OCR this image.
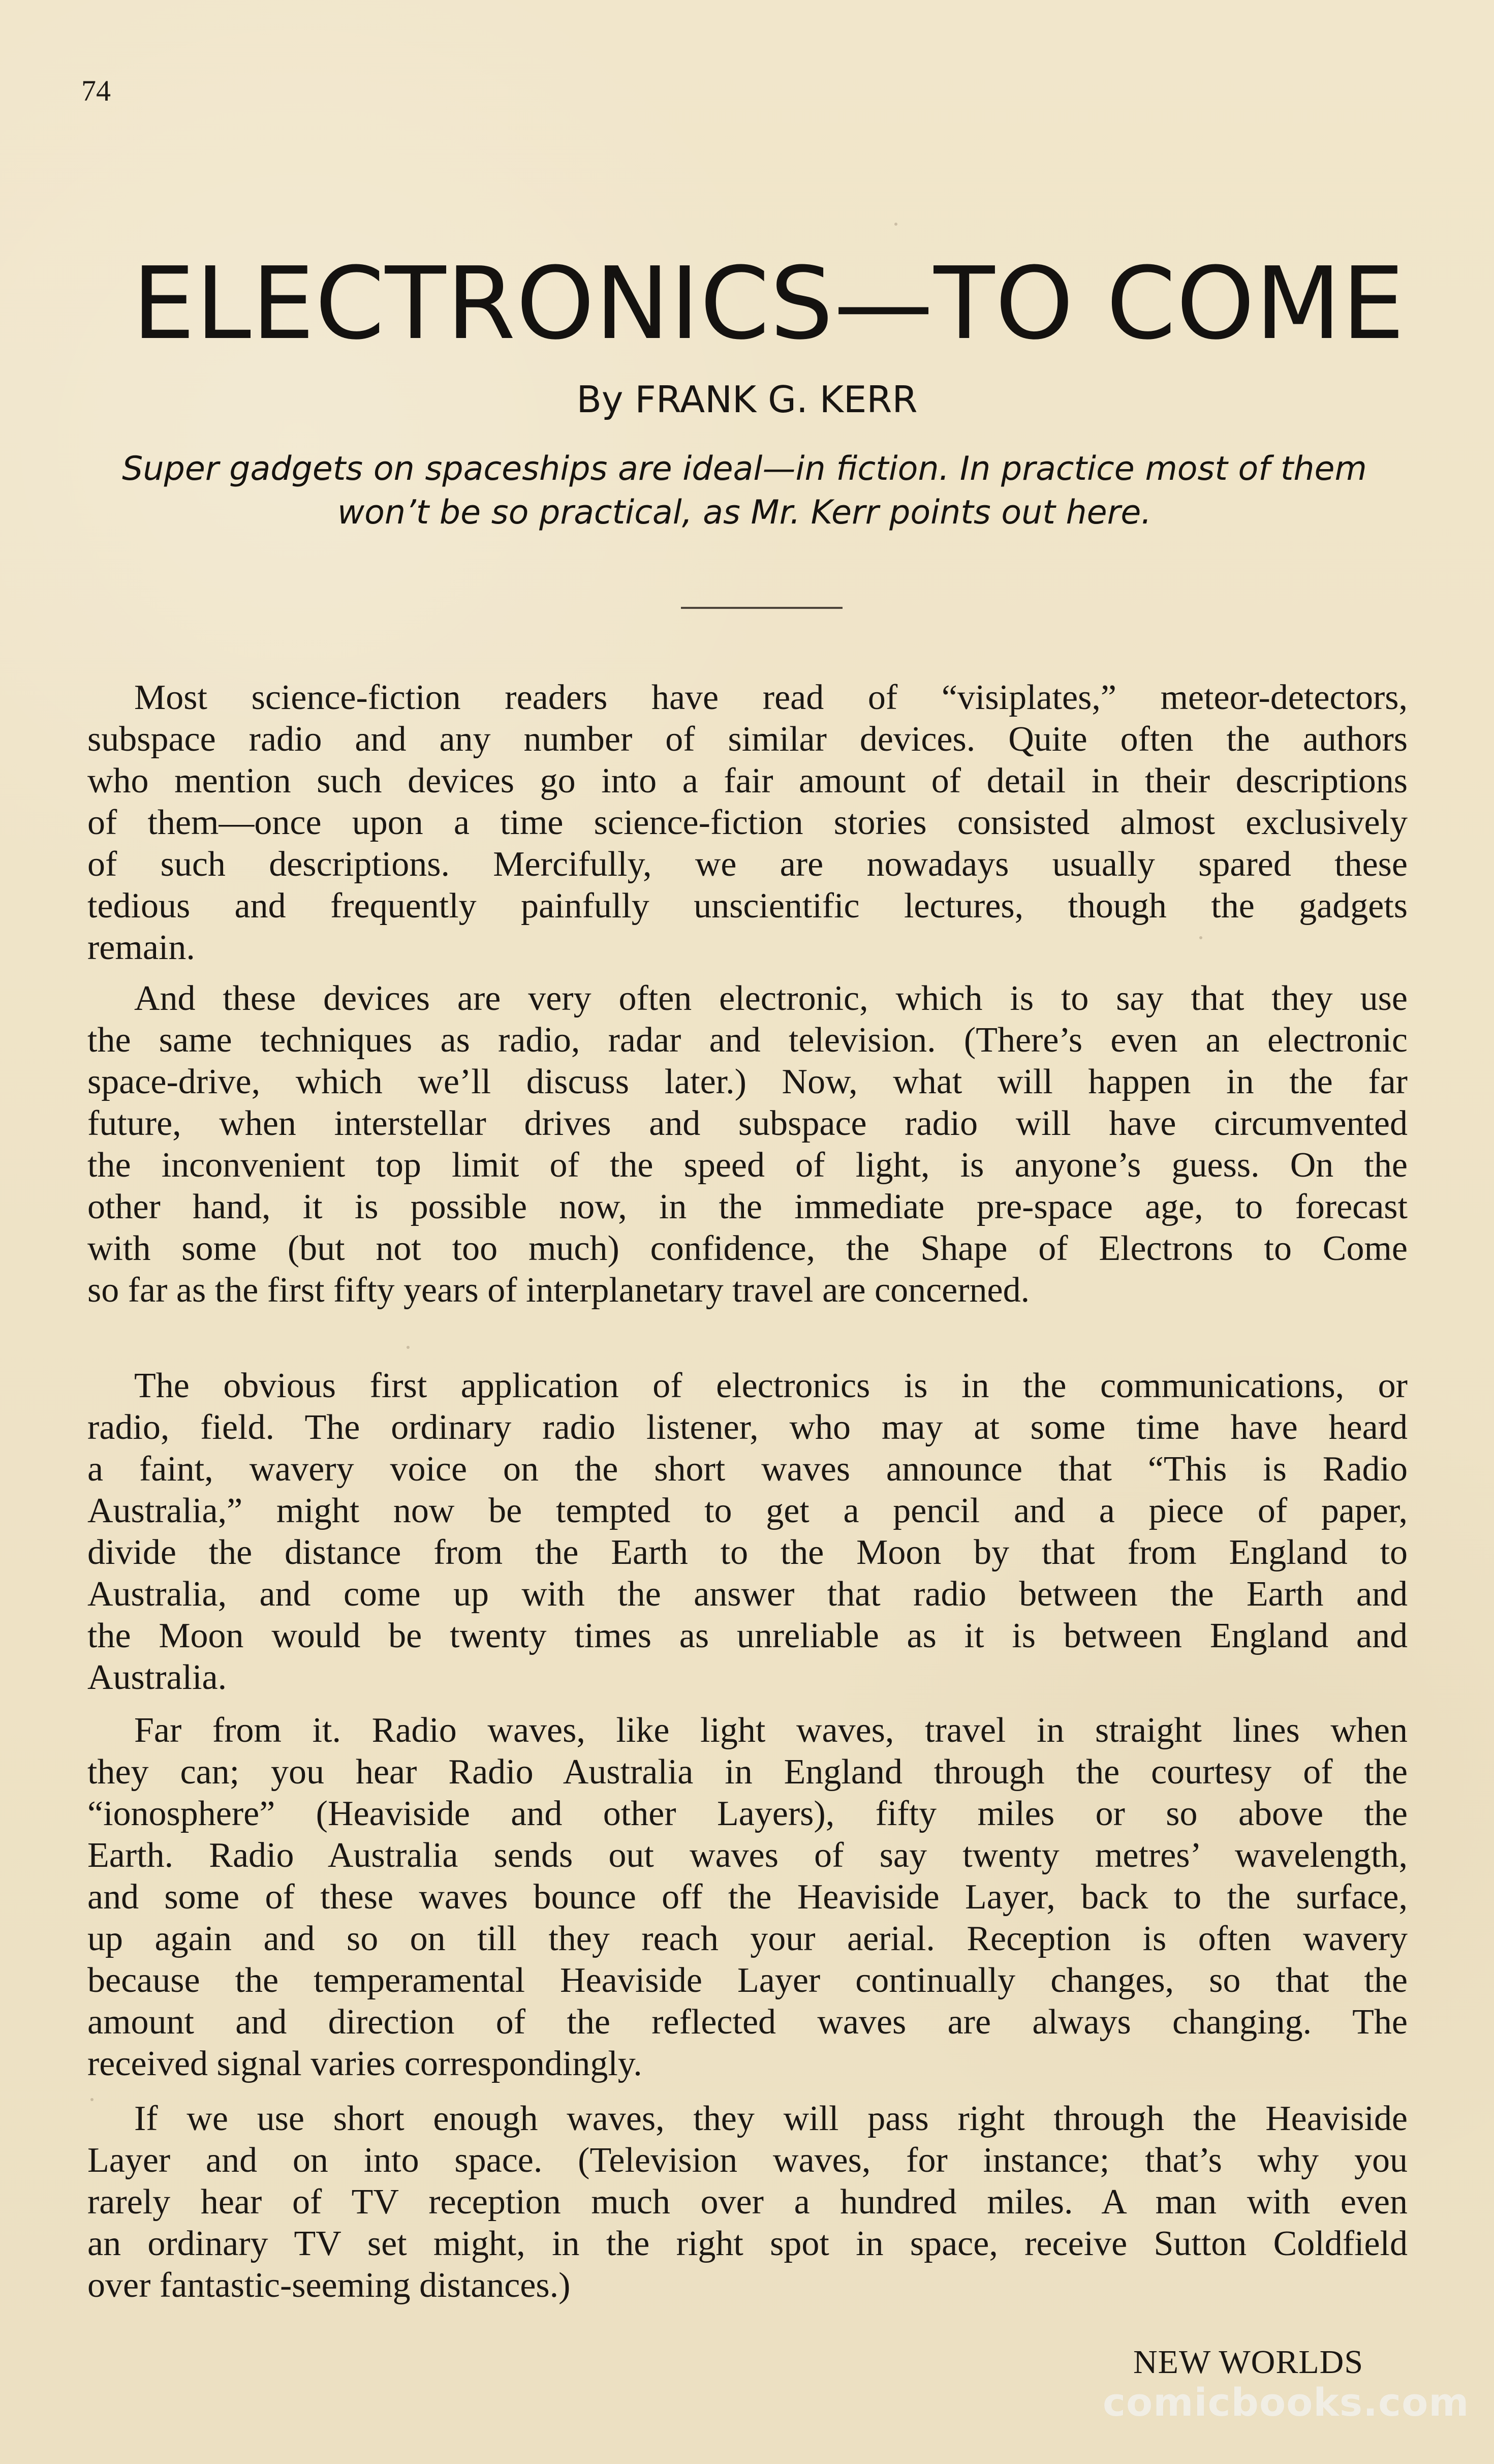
74
ELECTRONICS—TO COME
By FRANK G. KERR
Super gadgets on spaceships are ideal—in fiction. In practice most of them
won’t be so practical, as Mr. Kerr points out here.
Most science-fiction readers have read of “visiplates,” meteor-detectors,
subspace radio and any number of similar devices. Quite often the authors
who mention such devices go into a fair amount of detail in their descriptions
of them—once upon a time science-fiction stories consisted almost exclusively
of such descriptions. Mercifully, we are nowadays usually spared these
tedious and frequently painfully unscientific lectures, though the gadgets
remain.
And these devices are very often electronic, which is to say that they use
the same techniques as radio, radar and television. (There’s even an electronic
space-drive, which we’ll discuss later.) Now, what will happen in the far
future, when interstellar drives and subspace radio will have circumvented
the inconvenient top limit of the speed of light, is anyone’s guess. On the
other hand, it is possible now, in the immediate pre-space age, to forecast
with some (but not too much) confidence, the Shape of Electrons to Come
so far as the first fifty years of interplanetary travel are concerned.
The obvious first application of electronics is in the communications, or
radio, field. The ordinary radio listener, who may at some time have heard
a faint, wavery voice on the short waves announce that “This is Radio
Australia,” might now be tempted to get a pencil and a piece of paper,
divide the distance from the Earth to the Moon by that from England to
Australia, and come up with the answer that radio between the Earth and
the Moon would be twenty times as unreliable as it is between England and
Australia.
Far from it. Radio waves, like light waves, travel in straight lines when
they can; you hear Radio Australia in England through the courtesy of the
“ionosphere” (Heaviside and other Layers), fifty miles or so above the
Earth. Radio Australia sends out waves of say twenty metres’ wavelength,
and some of these waves bounce off the Heaviside Layer, back to the surface,
up again and so on till they reach your aerial. Reception is often wavery
because the temperamental Heaviside Layer continually changes, so that the
amount and direction of the reflected waves are always changing. The
received signal varies correspondingly.
If we use short enough waves, they will pass right through the Heaviside
Layer and on into space. (Television waves, for instance; that’s why you
rarely hear of TV reception much over a hundred miles. A man with even
an ordinary TV set might, in the right spot in space, receive Sutton Coldfield
over fantastic-seeming distances.)
NEW WORLDS
comicbooks.com
